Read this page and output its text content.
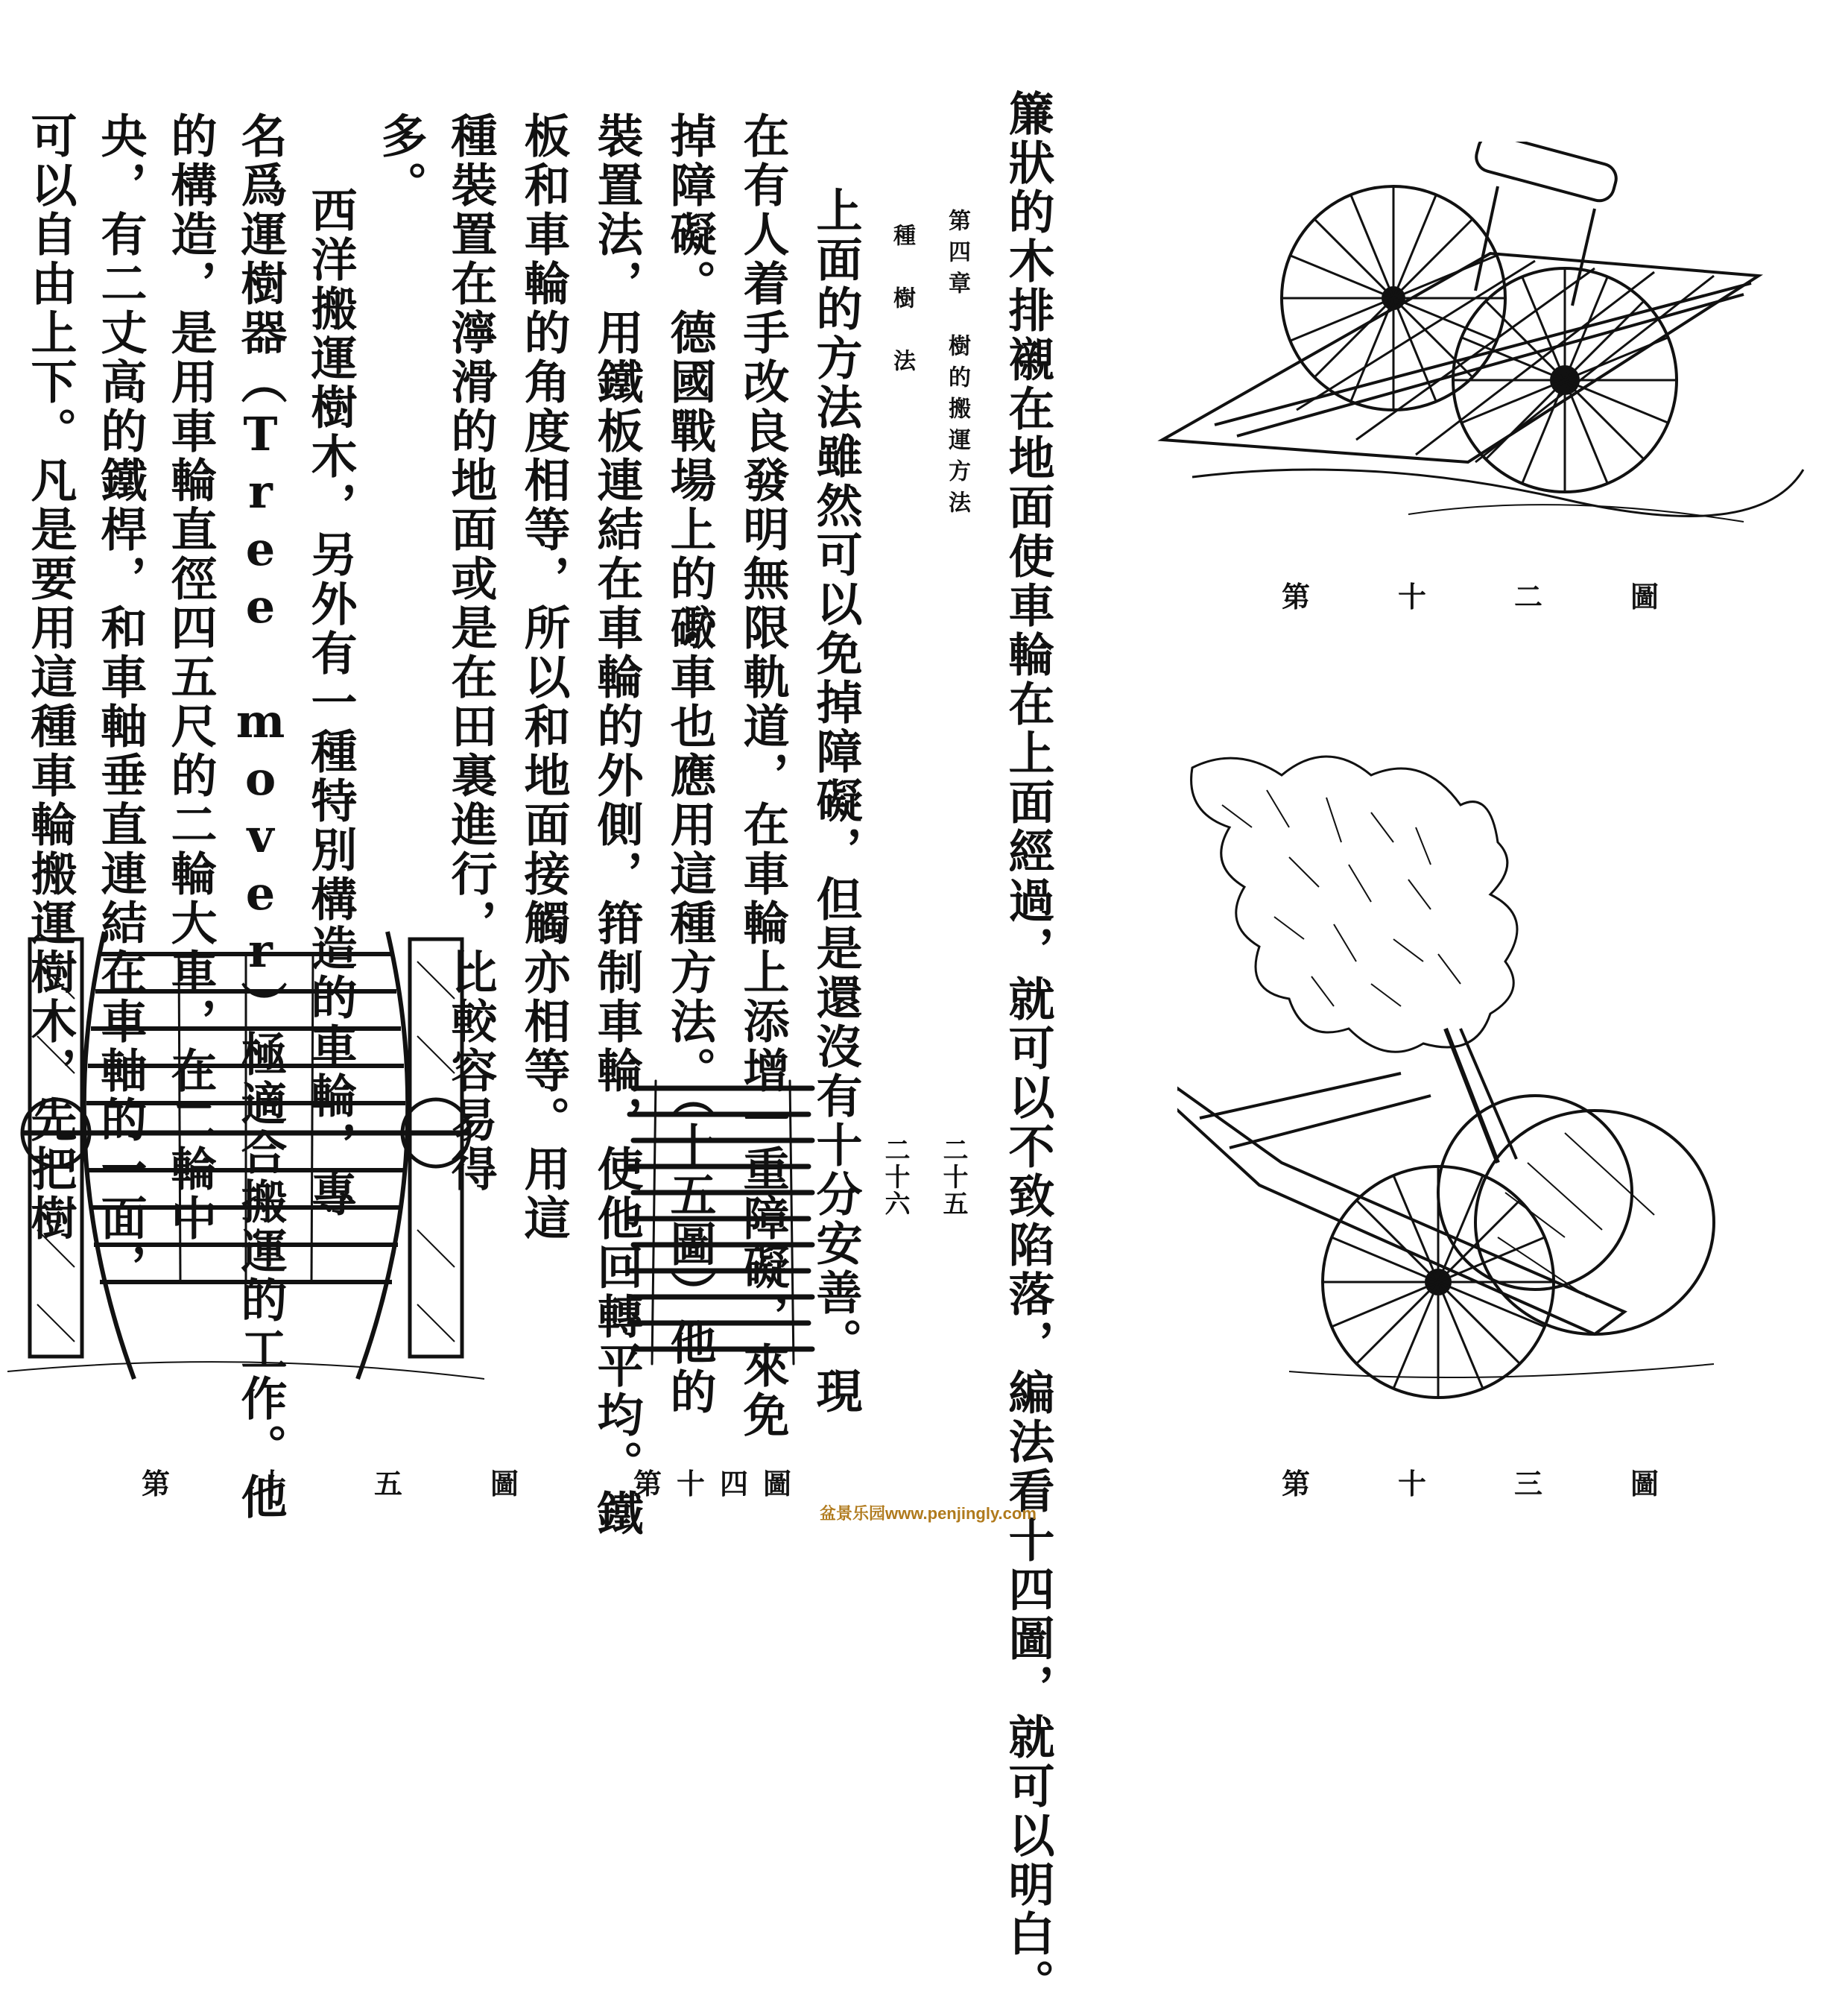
簾狀的木排襯在地面使車輪在上面經過，就可以不致陷落，編法看十四圖，就可以明白。
第四章　樹的搬運方法
種　樹　法
二十五
二十六
上面的方法雖然可以免掉障礙，但是還沒有十分安善。現
在有人着手改良發明無限軌道，在車輪上添增一重障礙，來免
掉障礙。德國戰場上的礮車也應用這種方法。（十五圖）他的
裝置法，用鐵板連結在車輪的外側，箝制車輪，使他回轉平均。鐵
板和車輪的角度相等，所以和地面接觸亦相等。用這
種裝置在濘滑的地面或是在田裏進行，比較容易得
多。
西洋搬運樹木，另外有一種特別構造的車輪，專
名爲運樹器（Tree mover）極適合搬運的工作。他
的構造，是用車輪直徑四五尺的二輪大車，在二輪中
央，有二丈高的鐵桿，和車軸垂直連結在車軸的一面，
可以自由上下。凡是要用這種車輪搬運樹木，先把樹	第　十　二　圖
第　十　三　圖
第十四圖
第　十　五　圖
盆景乐园www.penjingly.com
